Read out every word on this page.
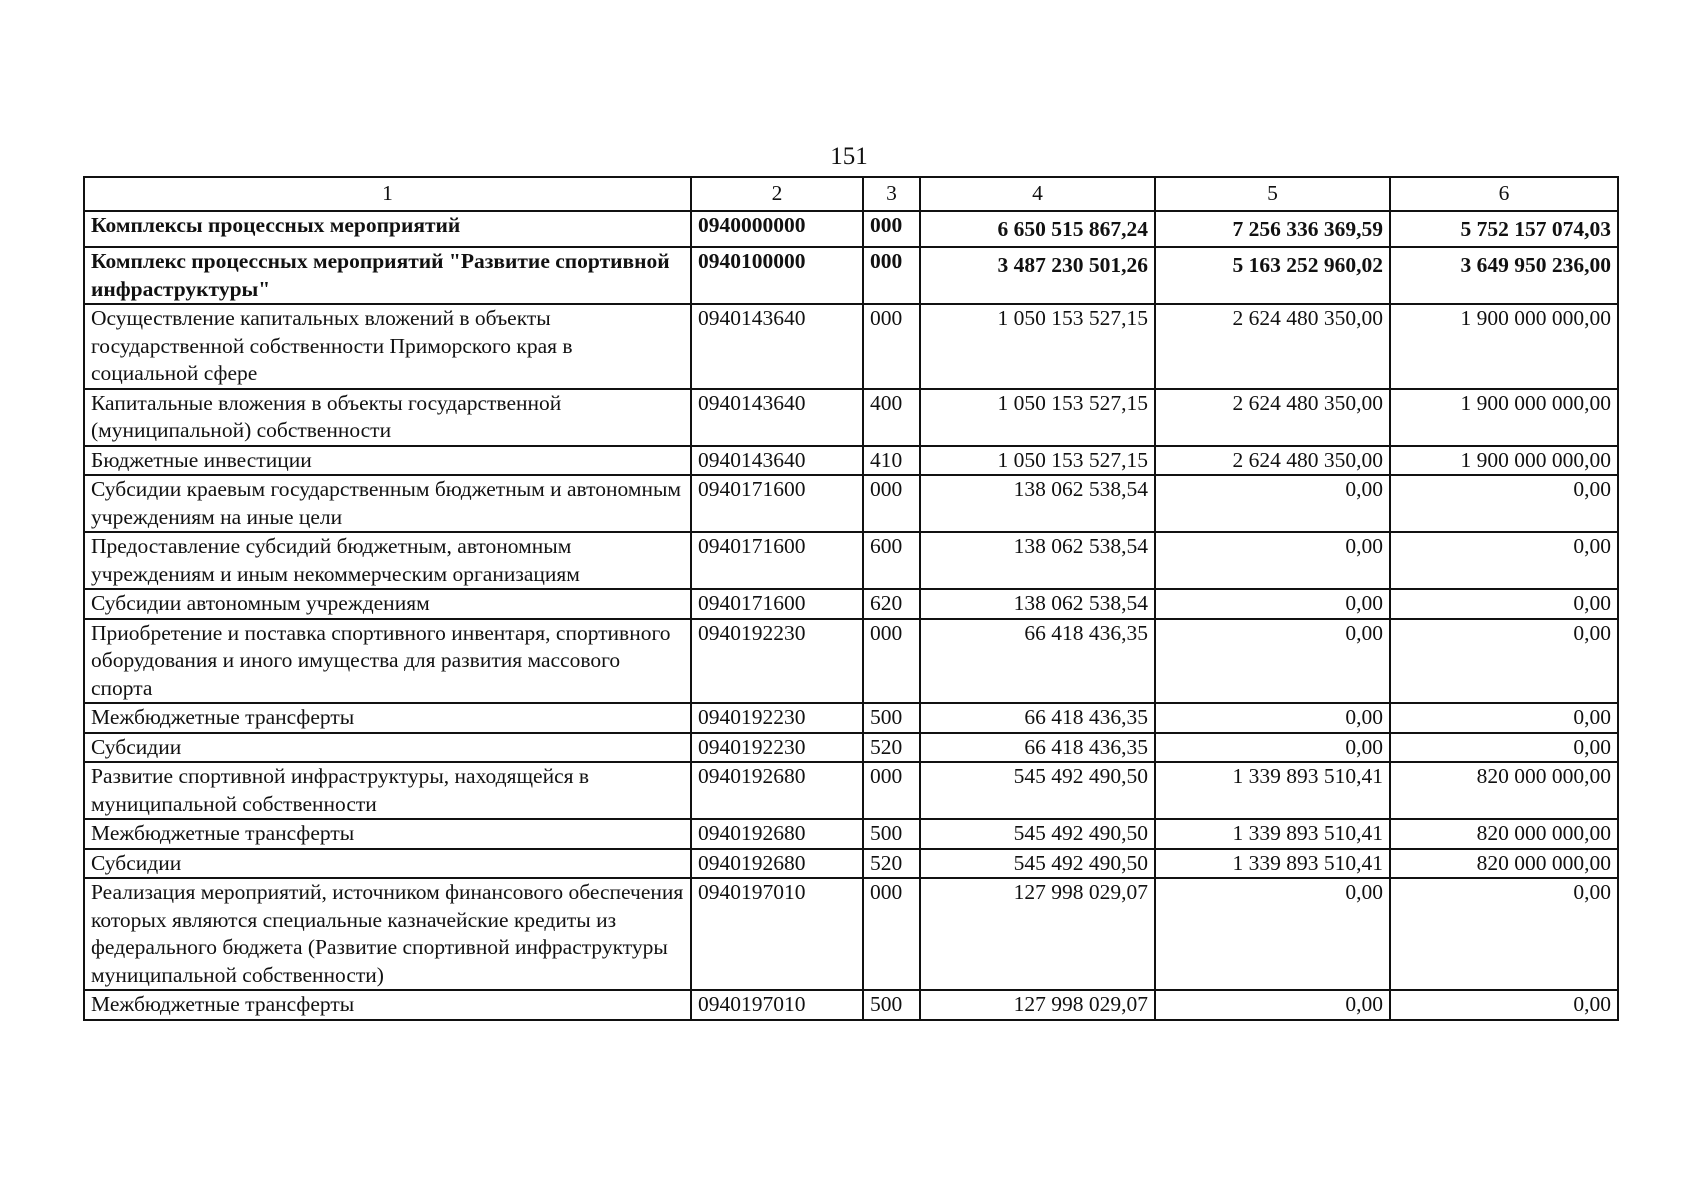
151
1	2	3	4	5	6
Комплексы процессных мероприятий	0940000000	000	6 650 515 867,24	7 256 336 369,59	5 752 157 074,03
Комплекс процессных мероприятий "Развитие спортивной инфраструктуры"	0940100000	000	3 487 230 501,26	5 163 252 960,02	3 649 950 236,00
Осуществление капитальных вложений в объекты государственной собственности Приморского края в социальной сфере	0940143640	000	1 050 153 527,15	2 624 480 350,00	1 900 000 000,00
Капитальные вложения в объекты государственной (муниципальной) собственности	0940143640	400	1 050 153 527,15	2 624 480 350,00	1 900 000 000,00
Бюджетные инвестиции	0940143640	410	1 050 153 527,15	2 624 480 350,00	1 900 000 000,00
Субсидии краевым государственным бюджетным и автономным учреждениям на иные цели	0940171600	000	138 062 538,54	0,00	0,00
Предоставление субсидий бюджетным, автономным учреждениям и иным некоммерческим организациям	0940171600	600	138 062 538,54	0,00	0,00
Субсидии автономным учреждениям	0940171600	620	138 062 538,54	0,00	0,00
Приобретение и поставка спортивного инвентаря, спортивного оборудования и иного имущества для развития массового спорта	0940192230	000	66 418 436,35	0,00	0,00
Межбюджетные трансферты	0940192230	500	66 418 436,35	0,00	0,00
Субсидии	0940192230	520	66 418 436,35	0,00	0,00
Развитие спортивной инфраструктуры, находящейся в муниципальной собственности	0940192680	000	545 492 490,50	1 339 893 510,41	820 000 000,00
Межбюджетные трансферты	0940192680	500	545 492 490,50	1 339 893 510,41	820 000 000,00
Субсидии	0940192680	520	545 492 490,50	1 339 893 510,41	820 000 000,00
Реализация мероприятий, источником финансового обеспечения которых являются специальные казначейские кредиты из федерального бюджета (Развитие спортивной инфраструктуры муниципальной собственности)	0940197010	000	127 998 029,07	0,00	0,00
Межбюджетные трансферты	0940197010	500	127 998 029,07	0,00	0,00
